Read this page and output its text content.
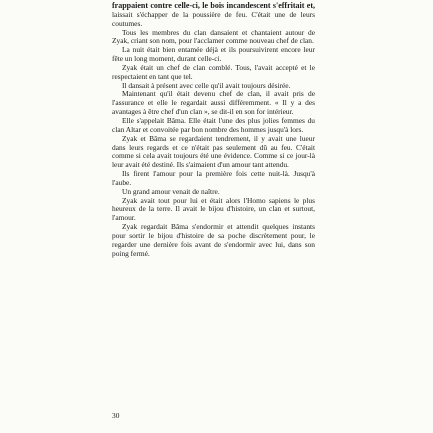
frappaient contre celle-ci, le bois incandescent s'effritait et, laissait s'échapper de la poussière de feu. C'était une de leurs coutumes.

Tous les membres du clan dansaient et chantaient autour de Zyak, criant son nom, pour l'acclamer comme nouveau chef de clan.

La nuit était bien entamée déjà et ils poursuivirent encore leur fête un long moment, durant celle-ci.

Zyak était un chef de clan comblé. Tous, l'avait accepté et le respectaient en tant que tel.

Il dansait à présent avec celle qu'il avait toujours désirée.

Maintenant qu'il était devenu chef de clan, il avait pris de l'assurance et elle le regardait aussi différemment. « Il y a des avantages à être chef d'un clan », se dit-il en son for intérieur.

Elle s'appelait Bâma. Elle était l'une des plus jolies femmes du clan Altar et convoitée par bon nombre des hommes jusqu'à lors.

Zyak et Bâma se regardaient tendrement, il y avait une lueur dans leurs regards et ce n'était pas seulement dû au feu. C'était comme si cela avait toujours été une évidence. Comme si ce jour-là leur avait été destiné. Ils s'aimaient d'un amour tant attendu.

Ils firent l'amour pour la première fois cette nuit-là. Jusqu'à l'aube.

Un grand amour venait de naître.

Zyak avait tout pour lui et était alors l'Homo sapiens le plus heureux de la terre. Il avait le bijou d'histoire, un clan et surtout, l'amour.

Zyak regardait Bâma s'endormir et attendit quelques instants pour sortir le bijou d'histoire de sa poche discrètement pour, le regarder une dernière fois avant de s'endormir avec lui, dans son poing fermé.

30
